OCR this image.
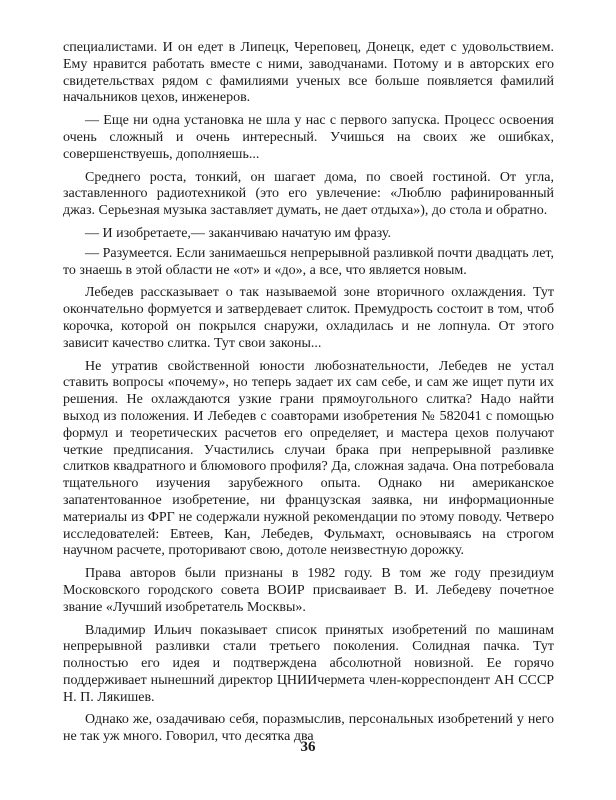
специалистами. И он едет в Липецк, Череповец, Донецк, едет с удовольствием. Ему нравится работать вместе с ними, заводчанами. Потому и в авторских его свидетельствах рядом с фамилиями ученых все больше появляется фамилий начальников цехов, инженеров.

— Еще ни одна установка не шла у нас с первого запуска. Процесс освоения очень сложный и очень интересный. Учишься на своих же ошибках, совершенствуешь, дополняешь...

Среднего роста, тонкий, он шагает дома, по своей гостиной. От угла, заставленного радиотехникой (это его увлечение: «Люблю рафинированный джаз. Серьезная музыка заставляет думать, не дает отдыха»), до стола и обратно.

— И изобретаете,— заканчиваю начатую им фразу.

— Разумеется. Если занимаешься непрерывной разливкой почти двадцать лет, то знаешь в этой области не «от» и «до», а все, что является новым.

Лебедев рассказывает о так называемой зоне вторичного охлаждения. Тут окончательно формуется и затвердевает слиток. Премудрость состоит в том, чтоб корочка, которой он покрылся снаружи, охладилась и не лопнула. От этого зависит качество слитка. Тут свои законы...

Не утратив свойственной юности любознательности, Лебедев не устал ставить вопросы «почему», но теперь задает их сам себе, и сам же ищет пути их решения. Не охлаждаются узкие грани прямоугольного слитка? Надо найти выход из положения. И Лебедев с соавторами изобретения № 582041 с помощью формул и теоретических расчетов его определяет, и мастера цехов получают четкие предписания. Участились случаи брака при непрерывной разливке слитков квадратного и блюмового профиля? Да, сложная задача. Она потребовала тщательного изучения зарубежного опыта. Однако ни американское запатентованное изобретение, ни французская заявка, ни информационные материалы из ФРГ не содержали нужной рекомендации по этому поводу. Четверо исследователей: Евтеев, Кан, Лебедев, Фульмахт, основываясь на строгом научном расчете, проторивают свою, дотоле неизвестную дорожку.

Права авторов были признаны в 1982 году. В том же году президиум Московского городского совета ВОИР присваивает В. И. Лебедеву почетное звание «Лучший изобретатель Москвы».

Владимир Ильич показывает список принятых изобретений по машинам непрерывной разливки стали третьего поколения. Солидная пачка. Тут полностью его идея и подтверждена абсолютной новизной. Ее горячо поддерживает нынешний директор ЦНИИчермета член-корреспондент АН СССР Н. П. Лякишев.

Однако же, озадачиваю себя, поразмыслив, персональных изобретений у него не так уж много. Говорил, что десятка два

36
